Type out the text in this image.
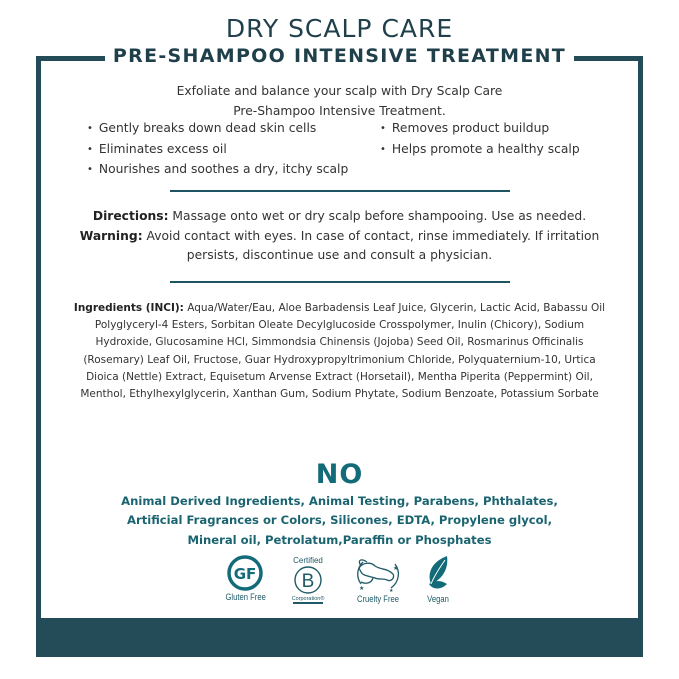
DRY SCALP CARE
PRE-SHAMPOO INTENSIVE TREATMENT
Exfoliate and balance your scalp with Dry Scalp Care
Pre-Shampoo Intensive Treatment.
• Gently breaks down dead skin cells
• Eliminates excess oil
• Nourishes and soothes a dry, itchy scalp
• Removes product buildup
• Helps promote a healthy scalp
Directions: Massage onto wet or dry scalp before shampooing. Use as needed. Warning: Avoid contact with eyes. In case of contact, rinse immediately. If irritation persists, discontinue use and consult a physician.
Ingredients (INCI): Aqua/Water/Eau, Aloe Barbadensis Leaf Juice, Glycerin, Lactic Acid, Babassu Oil Polyglyceryl-4 Esters, Sorbitan Oleate Decylglucoside Crosspolymer, Inulin (Chicory), Sodium Hydroxide, Glucosamine HCl, Simmondsia Chinensis (Jojoba) Seed Oil, Rosmarinus Officinalis (Rosemary) Leaf Oil, Fructose, Guar Hydroxypropyltrimonium Chloride, Polyquaternium-10, Urtica Dioica (Nettle) Extract, Equisetum Arvense Extract (Horsetail), Mentha Piperita (Peppermint) Oil, Menthol, Ethylhexylglycerin, Xanthan Gum, Sodium Phytate, Sodium Benzoate, Potassium Sorbate
NO
Animal Derived Ingredients, Animal Testing, Parabens, Phthalates, Artificial Fragrances or Colors, Silicones, EDTA, Propylene glycol, Mineral oil, Petrolatum,Paraffin or Phosphates
GF
Gluten Free
Certified
B
Corporation®
★
★	★
Cruelty Free	Vegan
